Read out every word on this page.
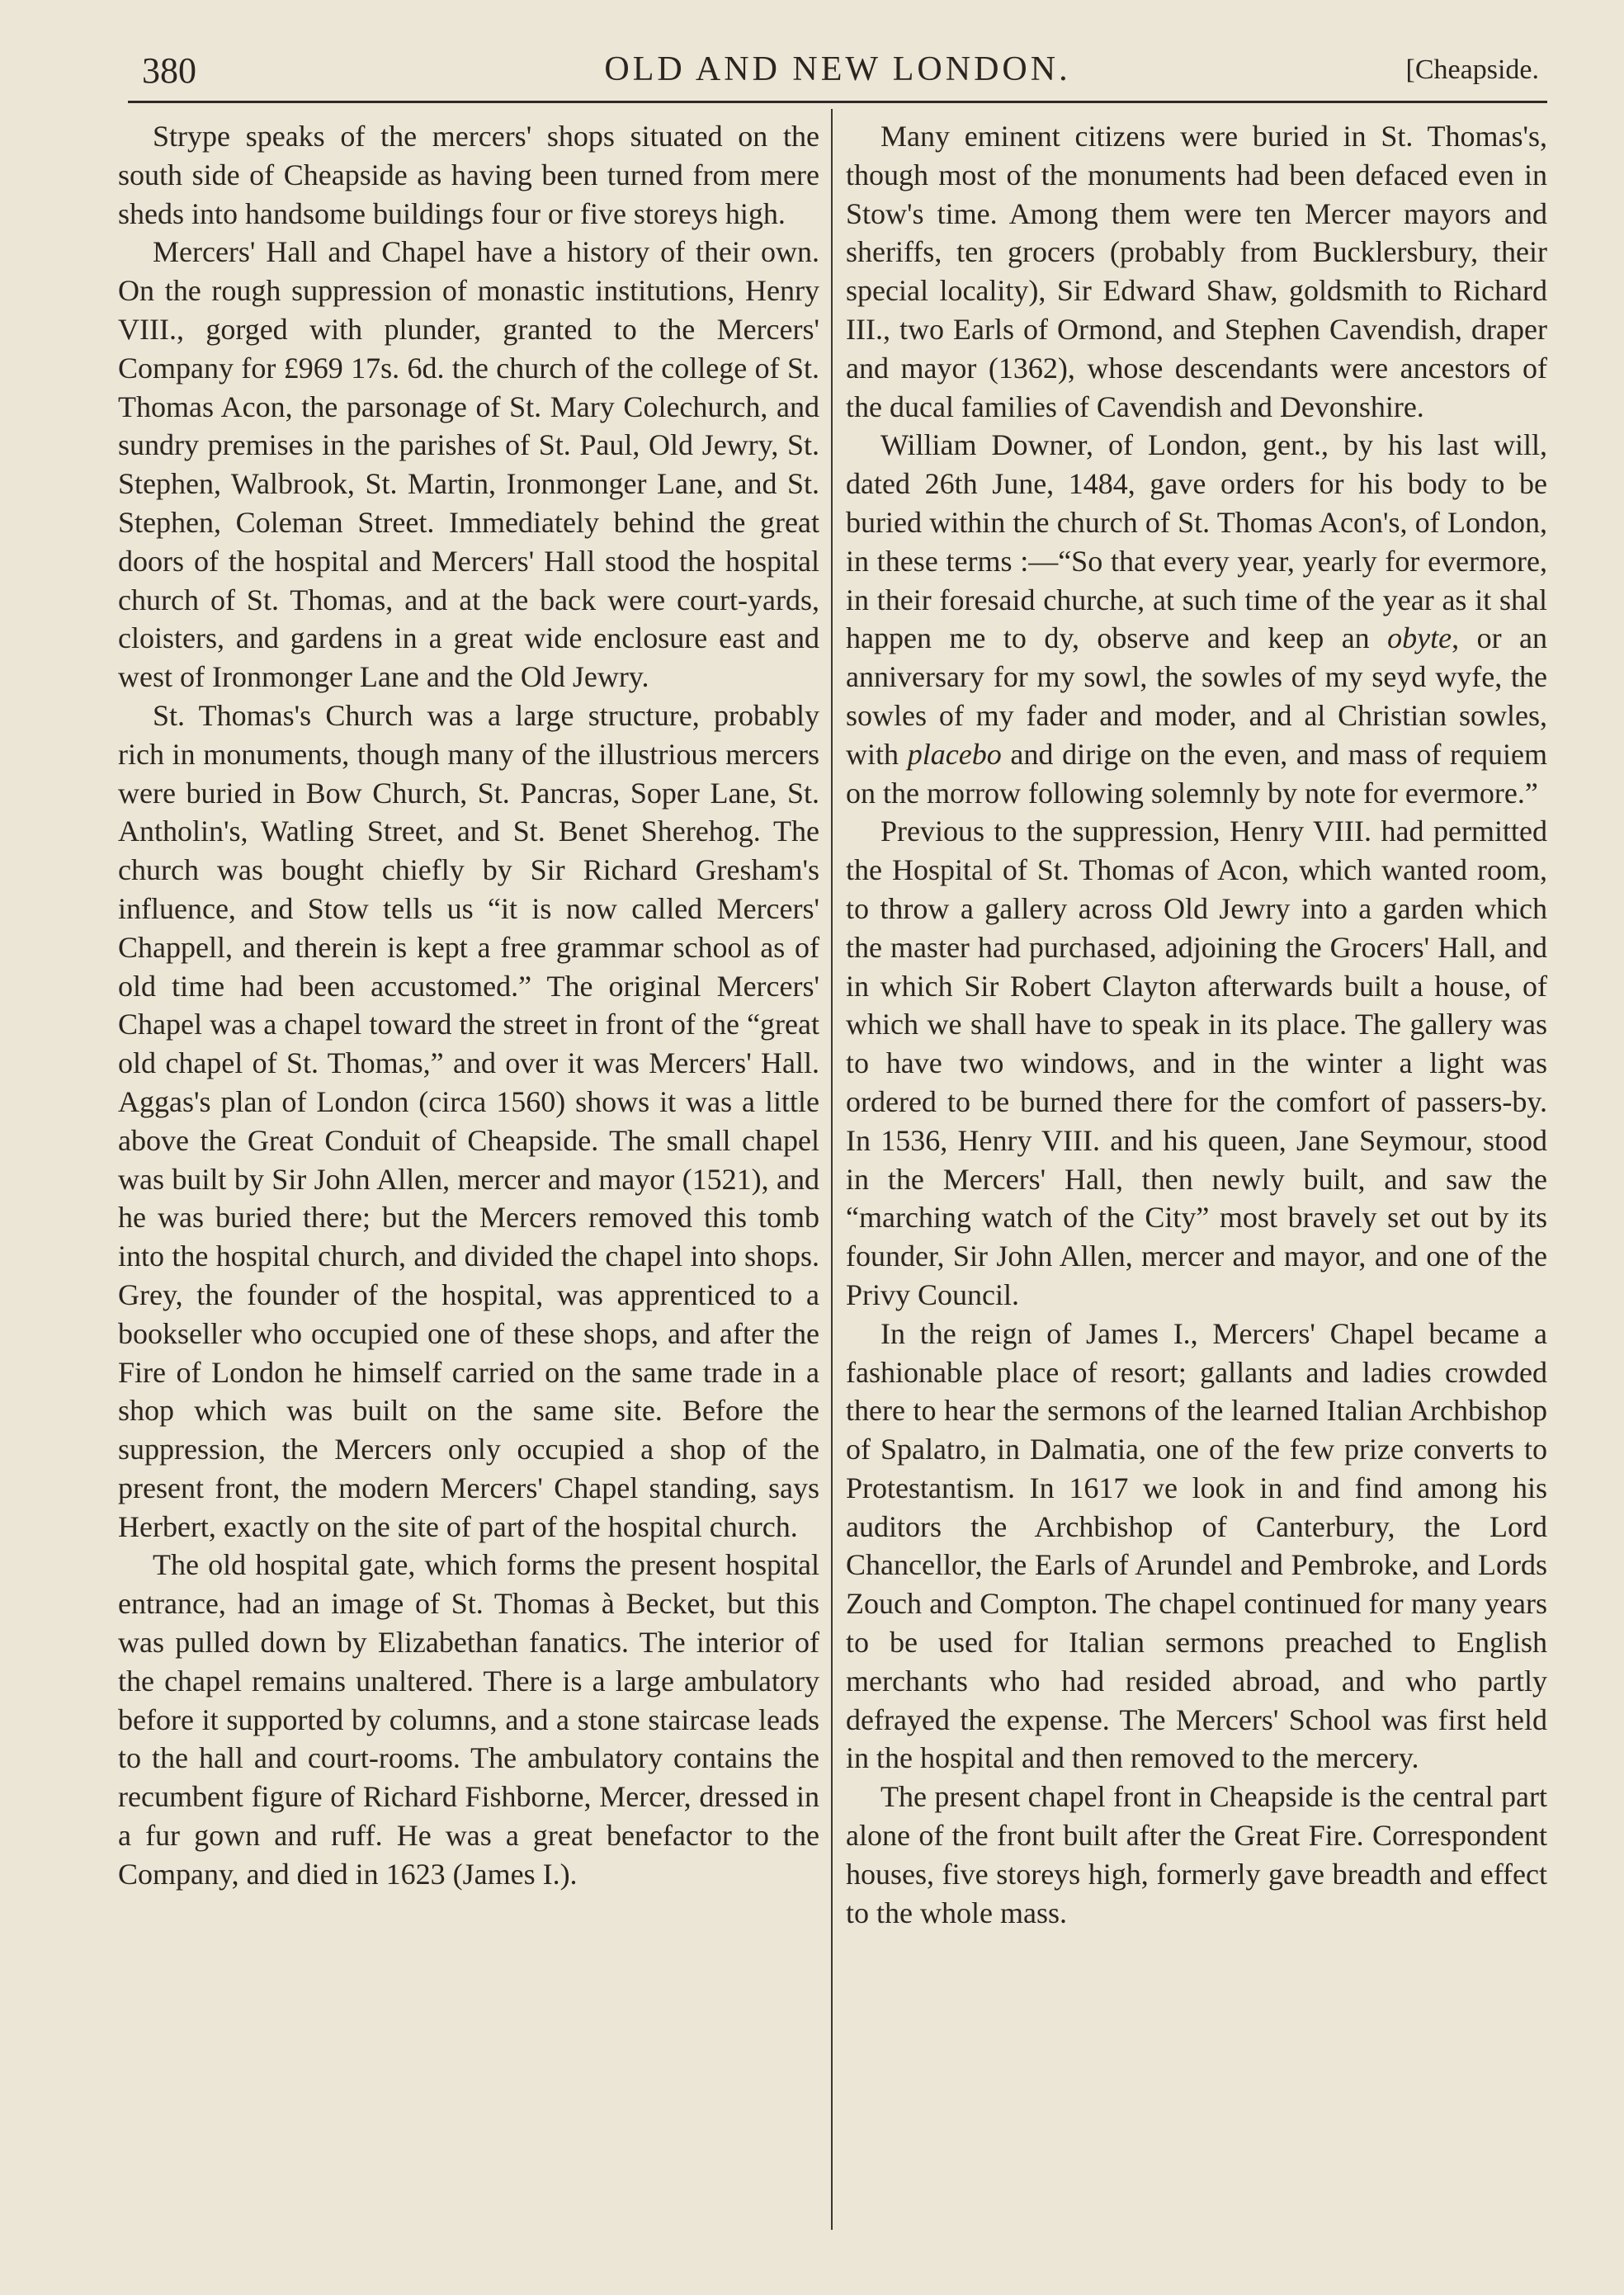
380	OLD AND NEW LONDON.	[Cheapside.

Strype speaks of the mercers' shops situated on the south side of Cheapside as having been turned from mere sheds into handsome buildings four or five storeys high.

Mercers' Hall and Chapel have a history of their own. On the rough suppression of monastic institutions, Henry VIII., gorged with plunder, granted to the Mercers' Company for £969 17s. 6d. the church of the college of St. Thomas Acon, the parsonage of St. Mary Colechurch, and sundry premises in the parishes of St. Paul, Old Jewry, St. Stephen, Walbrook, St. Martin, Ironmonger Lane, and St. Stephen, Coleman Street. Immediately behind the great doors of the hospital and Mercers' Hall stood the hospital church of St. Thomas, and at the back were court-yards, cloisters, and gardens in a great wide enclosure east and west of Ironmonger Lane and the Old Jewry.

St. Thomas's Church was a large structure, probably rich in monuments, though many of the illustrious mercers were buried in Bow Church, St. Pancras, Soper Lane, St. Antholin's, Watling Street, and St. Benet Sherehog. The church was bought chiefly by Sir Richard Gresham's influence, and Stow tells us “it is now called Mercers' Chappell, and therein is kept a free grammar school as of old time had been accustomed.” The original Mercers' Chapel was a chapel toward the street in front of the “great old chapel of St. Thomas,” and over it was Mercers' Hall. Aggas's plan of London (circa 1560) shows it was a little above the Great Conduit of Cheapside. The small chapel was built by Sir John Allen, mercer and mayor (1521), and he was buried there; but the Mercers removed this tomb into the hospital church, and divided the chapel into shops. Grey, the founder of the hospital, was apprenticed to a bookseller who occupied one of these shops, and after the Fire of London he himself carried on the same trade in a shop which was built on the same site. Before the suppression, the Mercers only occupied a shop of the present front, the modern Mercers' Chapel standing, says Herbert, exactly on the site of part of the hospital church.

The old hospital gate, which forms the present hospital entrance, had an image of St. Thomas à Becket, but this was pulled down by Elizabethan fanatics. The interior of the chapel remains unaltered. There is a large ambulatory before it supported by columns, and a stone staircase leads to the hall and court-rooms. The ambulatory contains the recumbent figure of Richard Fishborne, Mercer, dressed in a fur gown and ruff. He was a great benefactor to the Company, and died in 1623 (James I.).

Many eminent citizens were buried in St. Thomas's, though most of the monuments had been defaced even in Stow's time. Among them were ten Mercer mayors and sheriffs, ten grocers (probably from Bucklersbury, their special locality), Sir Edward Shaw, goldsmith to Richard III., two Earls of Ormond, and Stephen Cavendish, draper and mayor (1362), whose descendants were ancestors of the ducal families of Cavendish and Devonshire.

William Downer, of London, gent., by his last will, dated 26th June, 1484, gave orders for his body to be buried within the church of St. Thomas Acon's, of London, in these terms :—“So that every year, yearly for evermore, in their foresaid churche, at such time of the year as it shal happen me to dy, observe and keep an obyte, or an anniversary for my sowl, the sowles of my seyd wyfe, the sowles of my fader and moder, and al Christian sowles, with placebo and dirige on the even, and mass of requiem on the morrow following solemnly by note for evermore.”

Previous to the suppression, Henry VIII. had permitted the Hospital of St. Thomas of Acon, which wanted room, to throw a gallery across Old Jewry into a garden which the master had purchased, adjoining the Grocers' Hall, and in which Sir Robert Clayton afterwards built a house, of which we shall have to speak in its place. The gallery was to have two windows, and in the winter a light was ordered to be burned there for the comfort of passers-by. In 1536, Henry VIII. and his queen, Jane Seymour, stood in the Mercers' Hall, then newly built, and saw the “marching watch of the City” most bravely set out by its founder, Sir John Allen, mercer and mayor, and one of the Privy Council.

In the reign of James I., Mercers' Chapel became a fashionable place of resort; gallants and ladies crowded there to hear the sermons of the learned Italian Archbishop of Spalatro, in Dalmatia, one of the few prize converts to Protestantism. In 1617 we look in and find among his auditors the Archbishop of Canterbury, the Lord Chancellor, the Earls of Arundel and Pembroke, and Lords Zouch and Compton. The chapel continued for many years to be used for Italian sermons preached to English merchants who had resided abroad, and who partly defrayed the expense. The Mercers' School was first held in the hospital and then removed to the mercery.

The present chapel front in Cheapside is the central part alone of the front built after the Great Fire. Correspondent houses, five storeys high, formerly gave breadth and effect to the whole mass.
